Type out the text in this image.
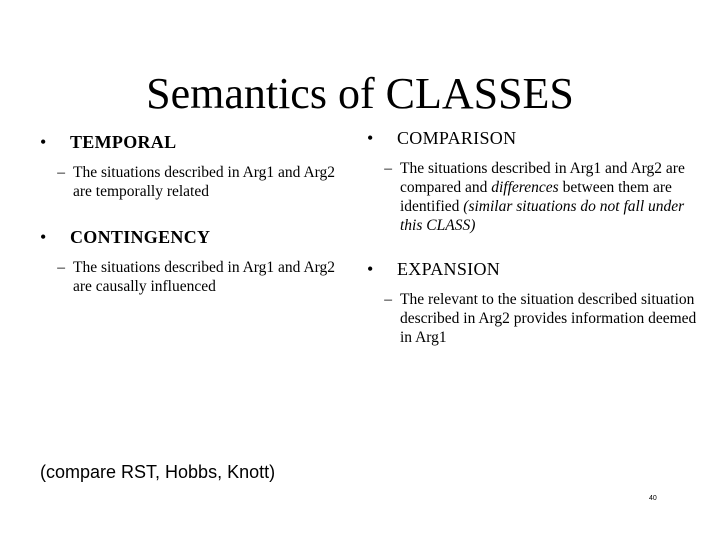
Semantics of CLASSES
•	TEMPORAL
– The situations described in Arg1 and Arg2 are temporally related
•	CONTINGENCY
– The situations described in Arg1 and Arg2 are causally influenced
•	COMPARISON
– The situations described in Arg1 and Arg2 are compared and differences between them are identified (similar situations do not fall under this CLASS)
•	EXPANSION
– The relevant to the situation described situation described in Arg2 provides information deemed in Arg1
(compare RST, Hobbs, Knott)
40
